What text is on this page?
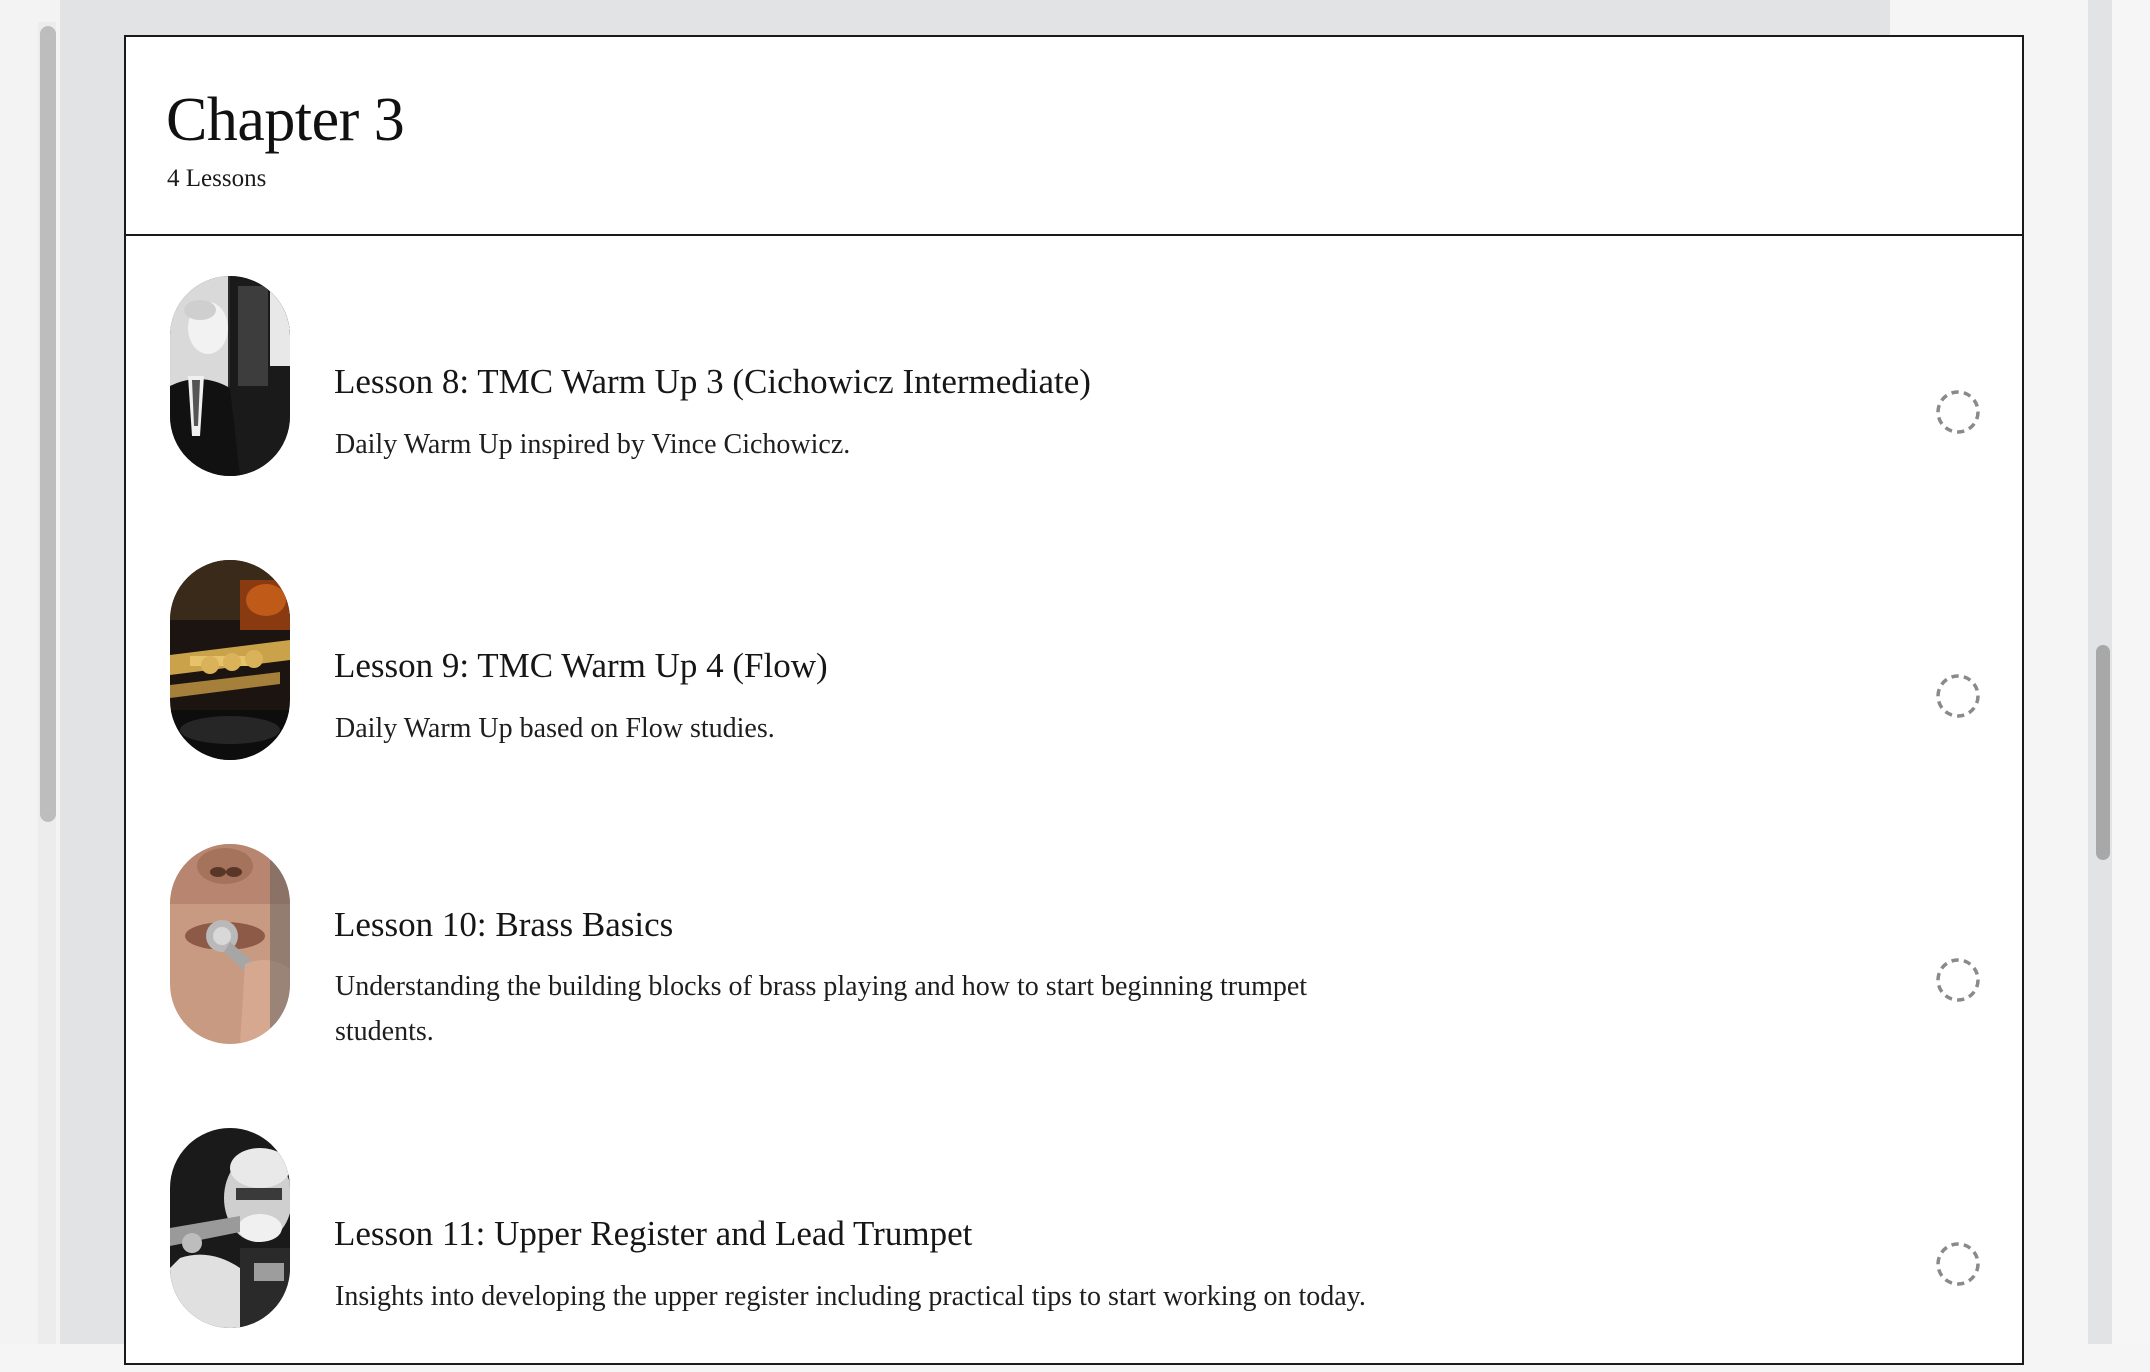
Chapter 3
4 Lessons
Lesson 8: TMC Warm Up 3 (Cichowicz Intermediate)

Daily Warm Up inspired by Vince Cichowicz.

Lesson 9: TMC Warm Up 4 (Flow)

Daily Warm Up based on Flow studies.

Lesson 10: Brass Basics

Understanding the building blocks of brass playing and how to start beginning trumpet students.

Lesson 11: Upper Register and Lead Trumpet

Insights into developing the upper register including practical tips to start working on today.
